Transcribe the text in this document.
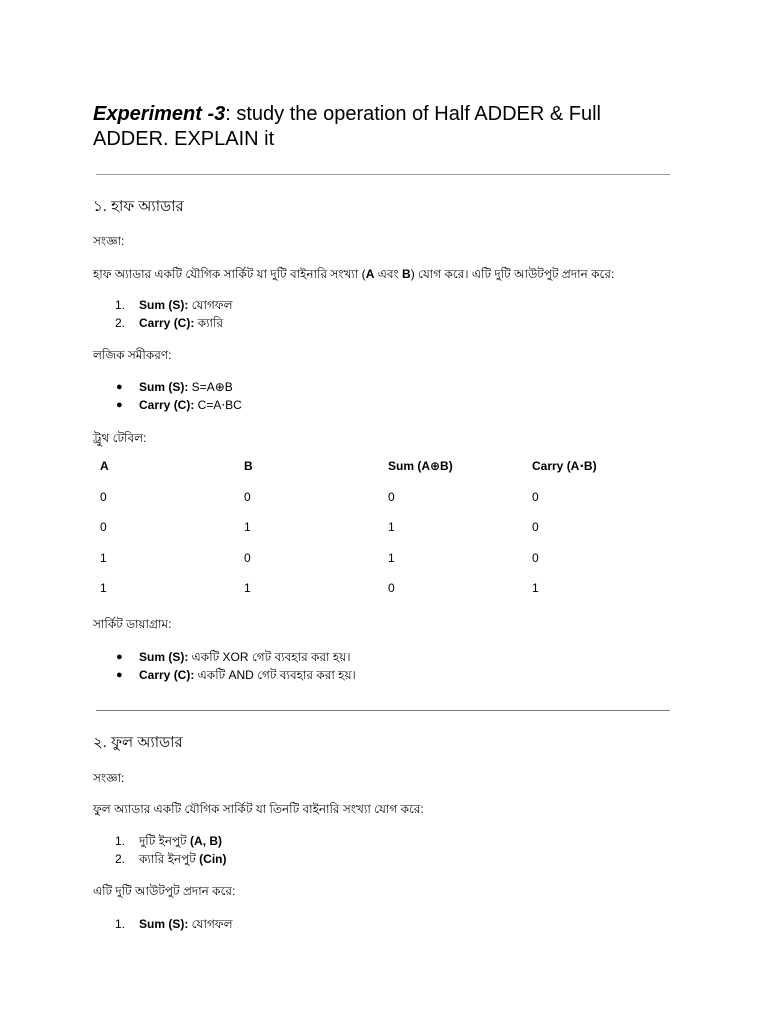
Experiment -3: study the operation of Half ADDER & Full ADDER. EXPLAIN it
১. হাফ অ্যাডার

সংজ্ঞা:

হাফ অ্যাডার একটি যৌগিক সার্কিট যা দুটি বাইনারি সংখ্যা (A এবং B) যোগ করে। এটি দুটি আউটপুট প্রদান করে:

1. Sum (S): যোগফল
2. Carry (C): ক্যারি

লজিক সমীকরণ:

● Sum (S): S=A⊕B
● Carry (C): C=A⋅BC

ট্রুথ টেবিল:

A	B	Sum (A⊕B)	Carry (A⋅B)
0	0	0	0
0	1	1	0
1	0	1	0
1	1	0	1

সার্কিট ডায়াগ্রাম:

● Sum (S): একটি XOR গেট ব্যবহার করা হয়।
● Carry (C): একটি AND গেট ব্যবহার করা হয়।
২. ফুল অ্যাডার

সংজ্ঞা:

ফুল অ্যাডার একটি যৌগিক সার্কিট যা তিনটি বাইনারি সংখ্যা যোগ করে:

1. দুটি ইনপুট (A, B)
2. ক্যারি ইনপুট (Cin)

এটি দুটি আউটপুট প্রদান করে:

1. Sum (S): যোগফল
